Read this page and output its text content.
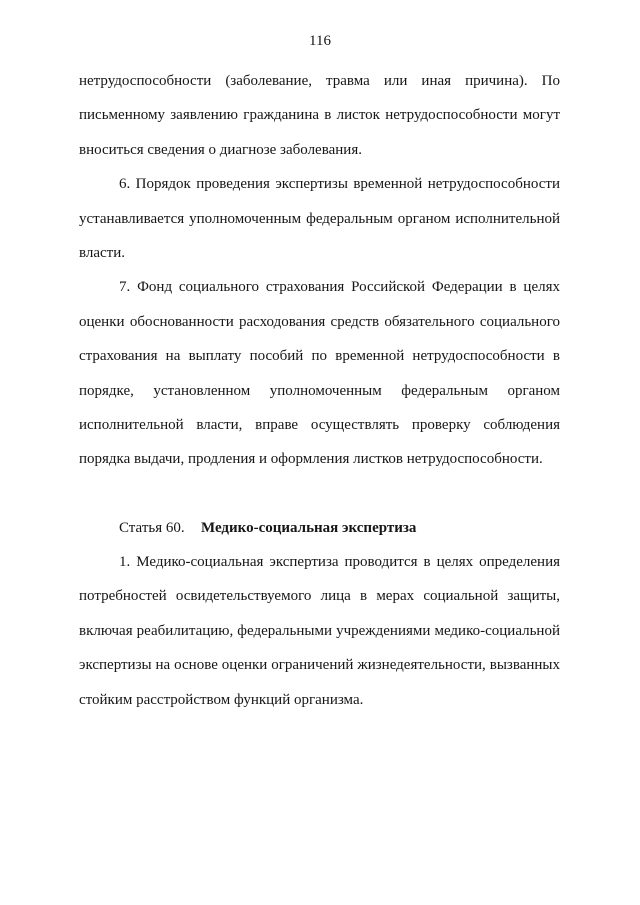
116
нетрудоспособности (заболевание, травма или иная причина). По
письменному заявлению гражданина в листок нетрудоспособности могут
вноситься сведения о диагнозе заболевания.
6. Порядок проведения экспертизы временной нетрудоспособности
устанавливается уполномоченным федеральным органом исполнительной
власти.
7. Фонд социального страхования Российской Федерации в целях
оценки обоснованности расходования средств обязательного социального
страхования на выплату пособий по временной нетрудоспособности в
порядке, установленном уполномоченным федеральным органом
исполнительной власти, вправе осуществлять проверку соблюдения
порядка выдачи, продления и оформления листков нетрудоспособности.
Статья 60. Медико-социальная экспертиза
1. Медико-социальная экспертиза проводится в целях определения
потребностей освидетельствуемого лица в мерах социальной защиты,
включая реабилитацию, федеральными учреждениями медико-социальной
экспертизы на основе оценки ограничений жизнедеятельности, вызванных
стойким расстройством функций организма.
